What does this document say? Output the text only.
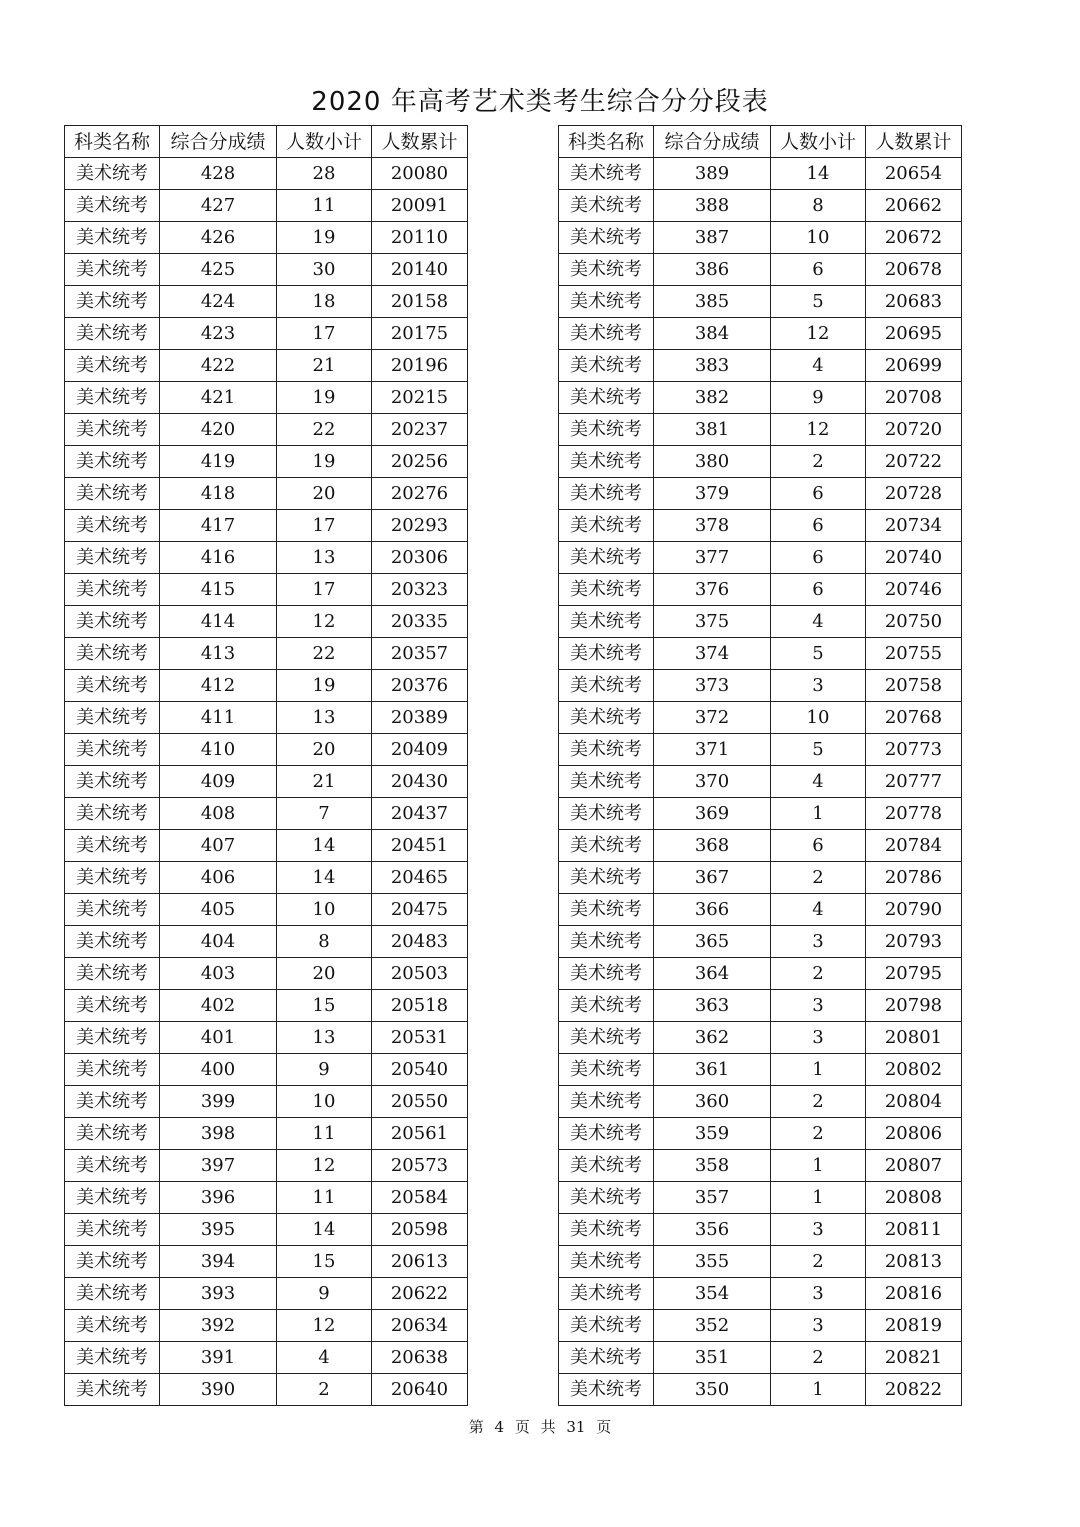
2020 年高考艺术类考生综合分分段表
科类名称	综合分成绩	人数小计	人数累计
美术统考	428	28	20080
美术统考	427	11	20091
美术统考	426	19	20110
美术统考	425	30	20140
美术统考	424	18	20158
美术统考	423	17	20175
美术统考	422	21	20196
美术统考	421	19	20215
美术统考	420	22	20237
美术统考	419	19	20256
美术统考	418	20	20276
美术统考	417	17	20293
美术统考	416	13	20306
美术统考	415	17	20323
美术统考	414	12	20335
美术统考	413	22	20357
美术统考	412	19	20376
美术统考	411	13	20389
美术统考	410	20	20409
美术统考	409	21	20430
美术统考	408	7	20437
美术统考	407	14	20451
美术统考	406	14	20465
美术统考	405	10	20475
美术统考	404	8	20483
美术统考	403	20	20503
美术统考	402	15	20518
美术统考	401	13	20531
美术统考	400	9	20540
美术统考	399	10	20550
美术统考	398	11	20561
美术统考	397	12	20573
美术统考	396	11	20584
美术统考	395	14	20598
美术统考	394	15	20613
美术统考	393	9	20622
美术统考	392	12	20634
美术统考	391	4	20638
美术统考	390	2	20640
科类名称	综合分成绩	人数小计	人数累计
美术统考	389	14	20654
美术统考	388	8	20662
美术统考	387	10	20672
美术统考	386	6	20678
美术统考	385	5	20683
美术统考	384	12	20695
美术统考	383	4	20699
美术统考	382	9	20708
美术统考	381	12	20720
美术统考	380	2	20722
美术统考	379	6	20728
美术统考	378	6	20734
美术统考	377	6	20740
美术统考	376	6	20746
美术统考	375	4	20750
美术统考	374	5	20755
美术统考	373	3	20758
美术统考	372	10	20768
美术统考	371	5	20773
美术统考	370	4	20777
美术统考	369	1	20778
美术统考	368	6	20784
美术统考	367	2	20786
美术统考	366	4	20790
美术统考	365	3	20793
美术统考	364	2	20795
美术统考	363	3	20798
美术统考	362	3	20801
美术统考	361	1	20802
美术统考	360	2	20804
美术统考	359	2	20806
美术统考	358	1	20807
美术统考	357	1	20808
美术统考	356	3	20811
美术统考	355	2	20813
美术统考	354	3	20816
美术统考	352	3	20819
美术统考	351	2	20821
美术统考	350	1	20822
第 4 页 共 31 页
